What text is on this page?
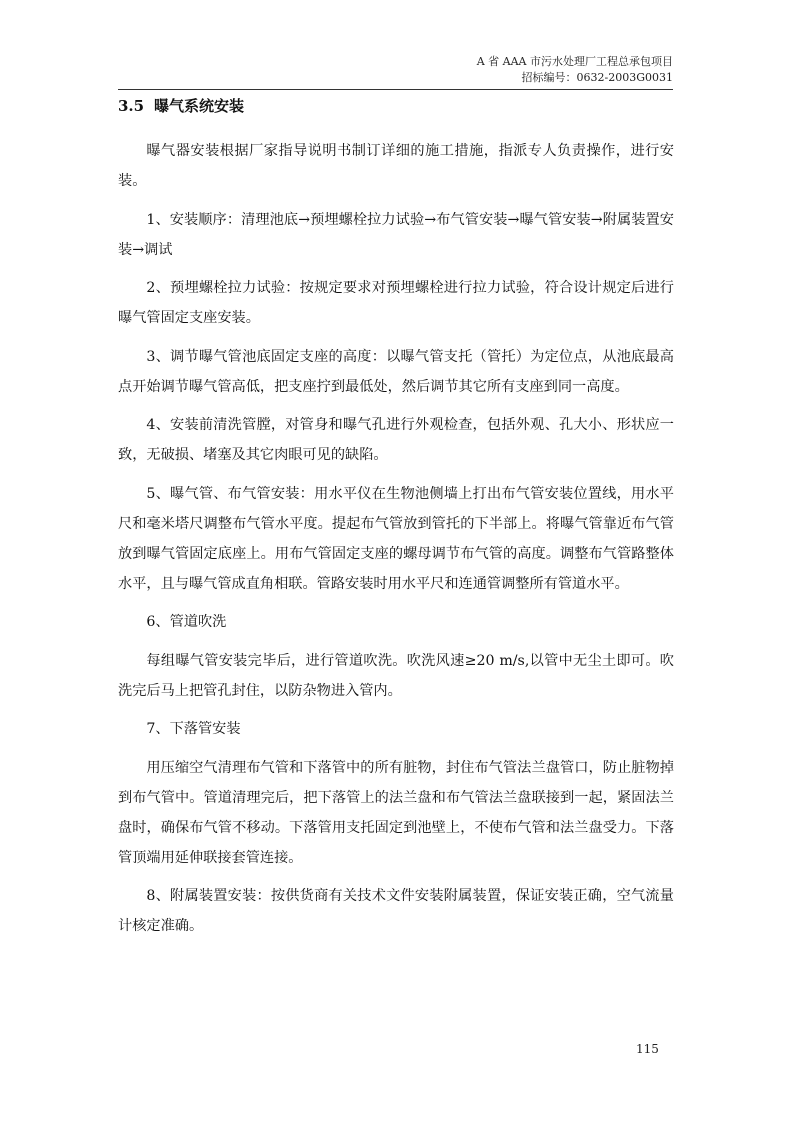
A 省 AAA 市污水处理厂工程总承包项目
招标编号：0632-2003G0031
3.5 曝气系统安装

曝气器安装根据厂家指导说明书制订详细的施工措施，指派专人负责操作，进行安装。

1、安装顺序：清理池底→预埋螺栓拉力试验→布气管安装→曝气管安装→附属装置安装→调试

2、预埋螺栓拉力试验：按规定要求对预埋螺栓进行拉力试验，符合设计规定后进行曝气管固定支座安装。

3、调节曝气管池底固定支座的高度：以曝气管支托（管托）为定位点，从池底最高点开始调节曝气管高低，把支座拧到最低处，然后调节其它所有支座到同一高度。

4、安装前清洗管膛，对管身和曝气孔进行外观检查，包括外观、孔大小、形状应一致，无破损、堵塞及其它肉眼可见的缺陷。

5、曝气管、布气管安装：用水平仪在生物池侧墙上打出布气管安装位置线，用水平尺和毫米塔尺调整布气管水平度。提起布气管放到管托的下半部上。将曝气管靠近布气管放到曝气管固定底座上。用布气管固定支座的螺母调节布气管的高度。调整布气管路整体水平，且与曝气管成直角相联。管路安装时用水平尺和连通管调整所有管道水平。

6、管道吹洗

每组曝气管安装完毕后，进行管道吹洗。吹洗风速≥20 m/s,以管中无尘土即可。吹洗完后马上把管孔封住，以防杂物进入管内。

7、下落管安装

用压缩空气清理布气管和下落管中的所有脏物，封住布气管法兰盘管口，防止脏物掉到布气管中。管道清理完后，把下落管上的法兰盘和布气管法兰盘联接到一起，紧固法兰盘时，确保布气管不移动。下落管用支托固定到池壁上，不使布气管和法兰盘受力。下落管顶端用延伸联接套管连接。

8、附属装置安装：按供货商有关技术文件安装附属装置，保证安装正确，空气流量计核定准确。

115
